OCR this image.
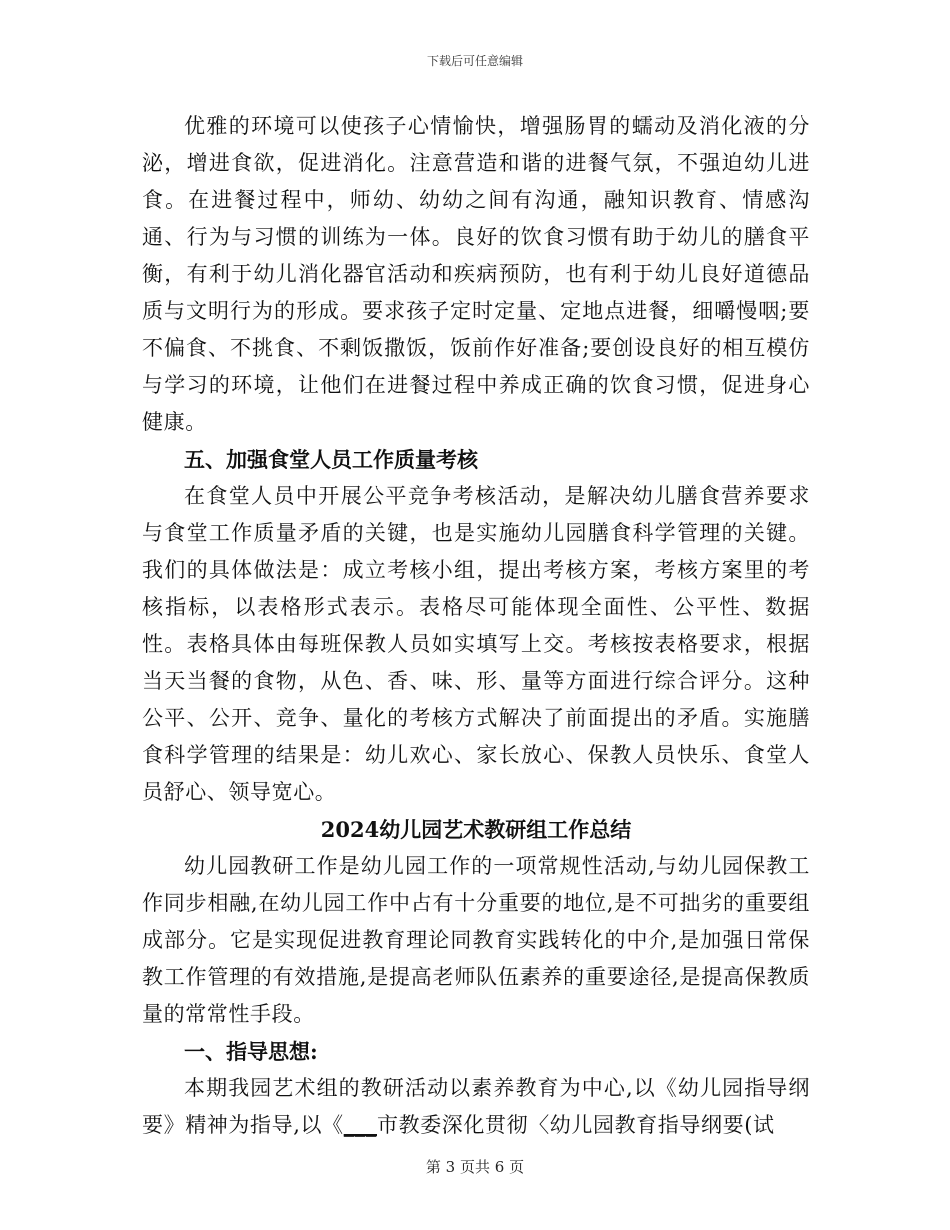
下载后可任意编辑

优雅的环境可以使孩子心情愉快，增强肠胃的蠕动及消化液的分泌，增进食欲，促进消化。注意营造和谐的进餐气氛，不强迫幼儿进食。在进餐过程中，师幼、幼幼之间有沟通，融知识教育、情感沟通、行为与习惯的训练为一体。良好的饮食习惯有助于幼儿的膳食平衡，有利于幼儿消化器官活动和疾病预防，也有利于幼儿良好道德品质与文明行为的形成。要求孩子定时定量、定地点进餐，细嚼慢咽;要不偏食、不挑食、不剩饭撒饭，饭前作好准备;要创设良好的相互模仿与学习的环境，让他们在进餐过程中养成正确的饮食习惯，促进身心健康。

五、加强食堂人员工作质量考核

在食堂人员中开展公平竞争考核活动，是解决幼儿膳食营养要求与食堂工作质量矛盾的关键，也是实施幼儿园膳食科学管理的关键。我们的具体做法是：成立考核小组，提出考核方案，考核方案里的考核指标，以表格形式表示。表格尽可能体现全面性、公平性、数据性。表格具体由每班保教人员如实填写上交。考核按表格要求，根据当天当餐的食物，从色、香、味、形、量等方面进行综合评分。这种公平、公开、竞争、量化的考核方式解决了前面提出的矛盾。实施膳食科学管理的结果是：幼儿欢心、家长放心、保教人员快乐、食堂人员舒心、领导宽心。

2024幼儿园艺术教研组工作总结

幼儿园教研工作是幼儿园工作的一项常规性活动,与幼儿园保教工作同步相融,在幼儿园工作中占有十分重要的地位,是不可拙劣的重要组成部分。它是实现促进教育理论同教育实践转化的中介,是加强日常保教工作管理的有效措施,是提高老师队伍素养的重要途径,是提高保教质量的常常性手段。

一、指导思想:

本期我园艺术组的教研活动以素养教育为中心,以《幼儿园指导纲要》精神为指导,以《___市教委深化贯彻〈幼儿园教育指导纲要(试

第 3 页共 6 页
